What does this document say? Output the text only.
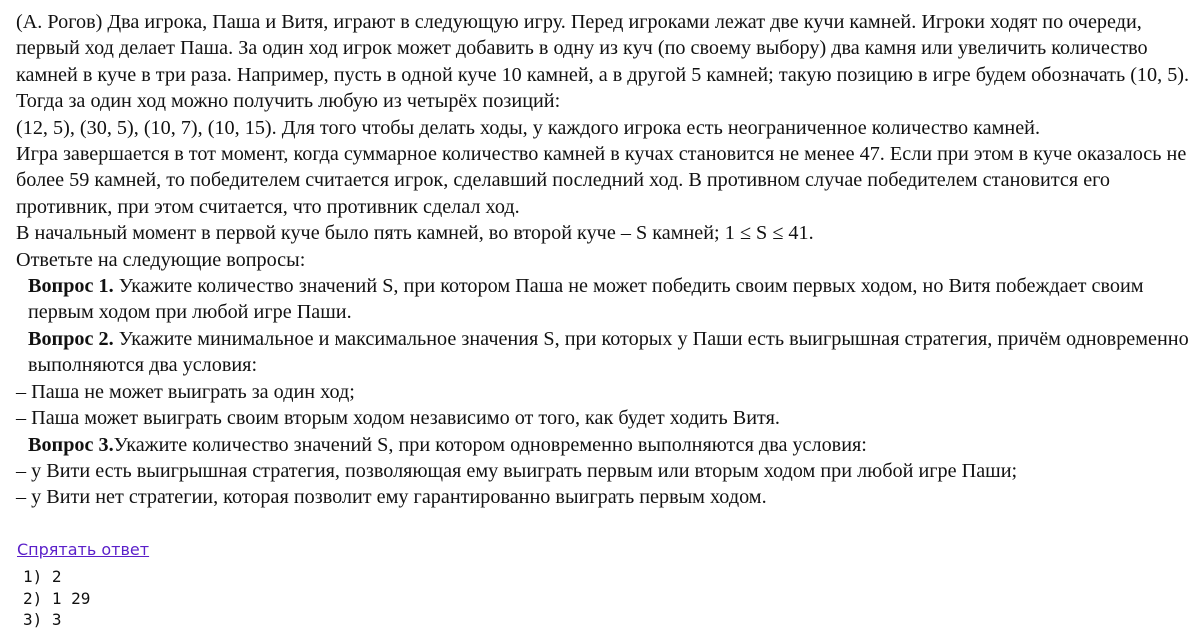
(А. Рогов) Два игрока, Паша и Витя, играют в следующую игру. Перед игроками лежат две кучи камней. Игроки ходят по очереди, первый ход делает Паша. За один ход игрок может добавить в одну из куч (по своему выбору) два камня или увеличить количество камней в куче в три раза. Например, пусть в одной куче 10 камней, а в другой 5 камней; такую позицию в игре будем обозначать (10, 5). Тогда за один ход можно получить любую из четырёх позиций:

(12, 5), (30, 5), (10, 7), (10, 15). Для того чтобы делать ходы, у каждого игрока есть неограниченное количество камней.

Игра завершается в тот момент, когда суммарное количество камней в кучах становится не менее 47. Если при этом в куче оказалось не более 59 камней, то победителем считается игрок, сделавший последний ход. В противном случае победителем становится его противник, при этом считается, что противник сделал ход.

В начальный момент в первой куче было пять камней, во второй куче – S камней; 1 ≤ S ≤ 41.

Ответьте на следующие вопросы:

Вопрос 1. Укажите количество значений S, при котором Паша не может победить своим первых ходом, но Витя побеждает своим первым ходом при любой игре Паши.

Вопрос 2. Укажите минимальное и максимальное значения S, при которых у Паши есть выигрышная стратегия, причём одновременно выполняются два условия:

– Паша не может выиграть за один ход;

– Паша может выиграть своим вторым ходом независимо от того, как будет ходить Витя.

Вопрос 3.Укажите количество значений S, при котором одновременно выполняются два условия:

– у Вити есть выигрышная стратегия, позволяющая ему выиграть первым или вторым ходом при любой игре Паши;

– у Вити нет стратегии, которая позволит ему гарантированно выиграть первым ходом.

Спрятать ответ
1) 2
2) 1 29
3) 3
